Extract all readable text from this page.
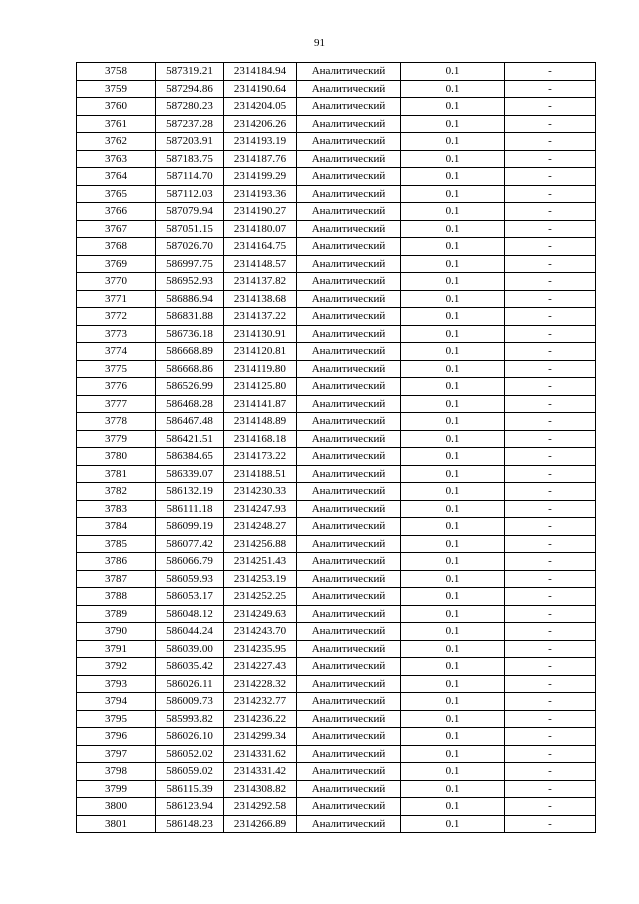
91
3758	587319.21	2314184.94	Аналитический	0.1	-
3759	587294.86	2314190.64	Аналитический	0.1	-
3760	587280.23	2314204.05	Аналитический	0.1	-
3761	587237.28	2314206.26	Аналитический	0.1	-
3762	587203.91	2314193.19	Аналитический	0.1	-
3763	587183.75	2314187.76	Аналитический	0.1	-
3764	587114.70	2314199.29	Аналитический	0.1	-
3765	587112.03	2314193.36	Аналитический	0.1	-
3766	587079.94	2314190.27	Аналитический	0.1	-
3767	587051.15	2314180.07	Аналитический	0.1	-
3768	587026.70	2314164.75	Аналитический	0.1	-
3769	586997.75	2314148.57	Аналитический	0.1	-
3770	586952.93	2314137.82	Аналитический	0.1	-
3771	586886.94	2314138.68	Аналитический	0.1	-
3772	586831.88	2314137.22	Аналитический	0.1	-
3773	586736.18	2314130.91	Аналитический	0.1	-
3774	586668.89	2314120.81	Аналитический	0.1	-
3775	586668.86	2314119.80	Аналитический	0.1	-
3776	586526.99	2314125.80	Аналитический	0.1	-
3777	586468.28	2314141.87	Аналитический	0.1	-
3778	586467.48	2314148.89	Аналитический	0.1	-
3779	586421.51	2314168.18	Аналитический	0.1	-
3780	586384.65	2314173.22	Аналитический	0.1	-
3781	586339.07	2314188.51	Аналитический	0.1	-
3782	586132.19	2314230.33	Аналитический	0.1	-
3783	586111.18	2314247.93	Аналитический	0.1	-
3784	586099.19	2314248.27	Аналитический	0.1	-
3785	586077.42	2314256.88	Аналитический	0.1	-
3786	586066.79	2314251.43	Аналитический	0.1	-
3787	586059.93	2314253.19	Аналитический	0.1	-
3788	586053.17	2314252.25	Аналитический	0.1	-
3789	586048.12	2314249.63	Аналитический	0.1	-
3790	586044.24	2314243.70	Аналитический	0.1	-
3791	586039.00	2314235.95	Аналитический	0.1	-
3792	586035.42	2314227.43	Аналитический	0.1	-
3793	586026.11	2314228.32	Аналитический	0.1	-
3794	586009.73	2314232.77	Аналитический	0.1	-
3795	585993.82	2314236.22	Аналитический	0.1	-
3796	586026.10	2314299.34	Аналитический	0.1	-
3797	586052.02	2314331.62	Аналитический	0.1	-
3798	586059.02	2314331.42	Аналитический	0.1	-
3799	586115.39	2314308.82	Аналитический	0.1	-
3800	586123.94	2314292.58	Аналитический	0.1	-
3801	586148.23	2314266.89	Аналитический	0.1	-
